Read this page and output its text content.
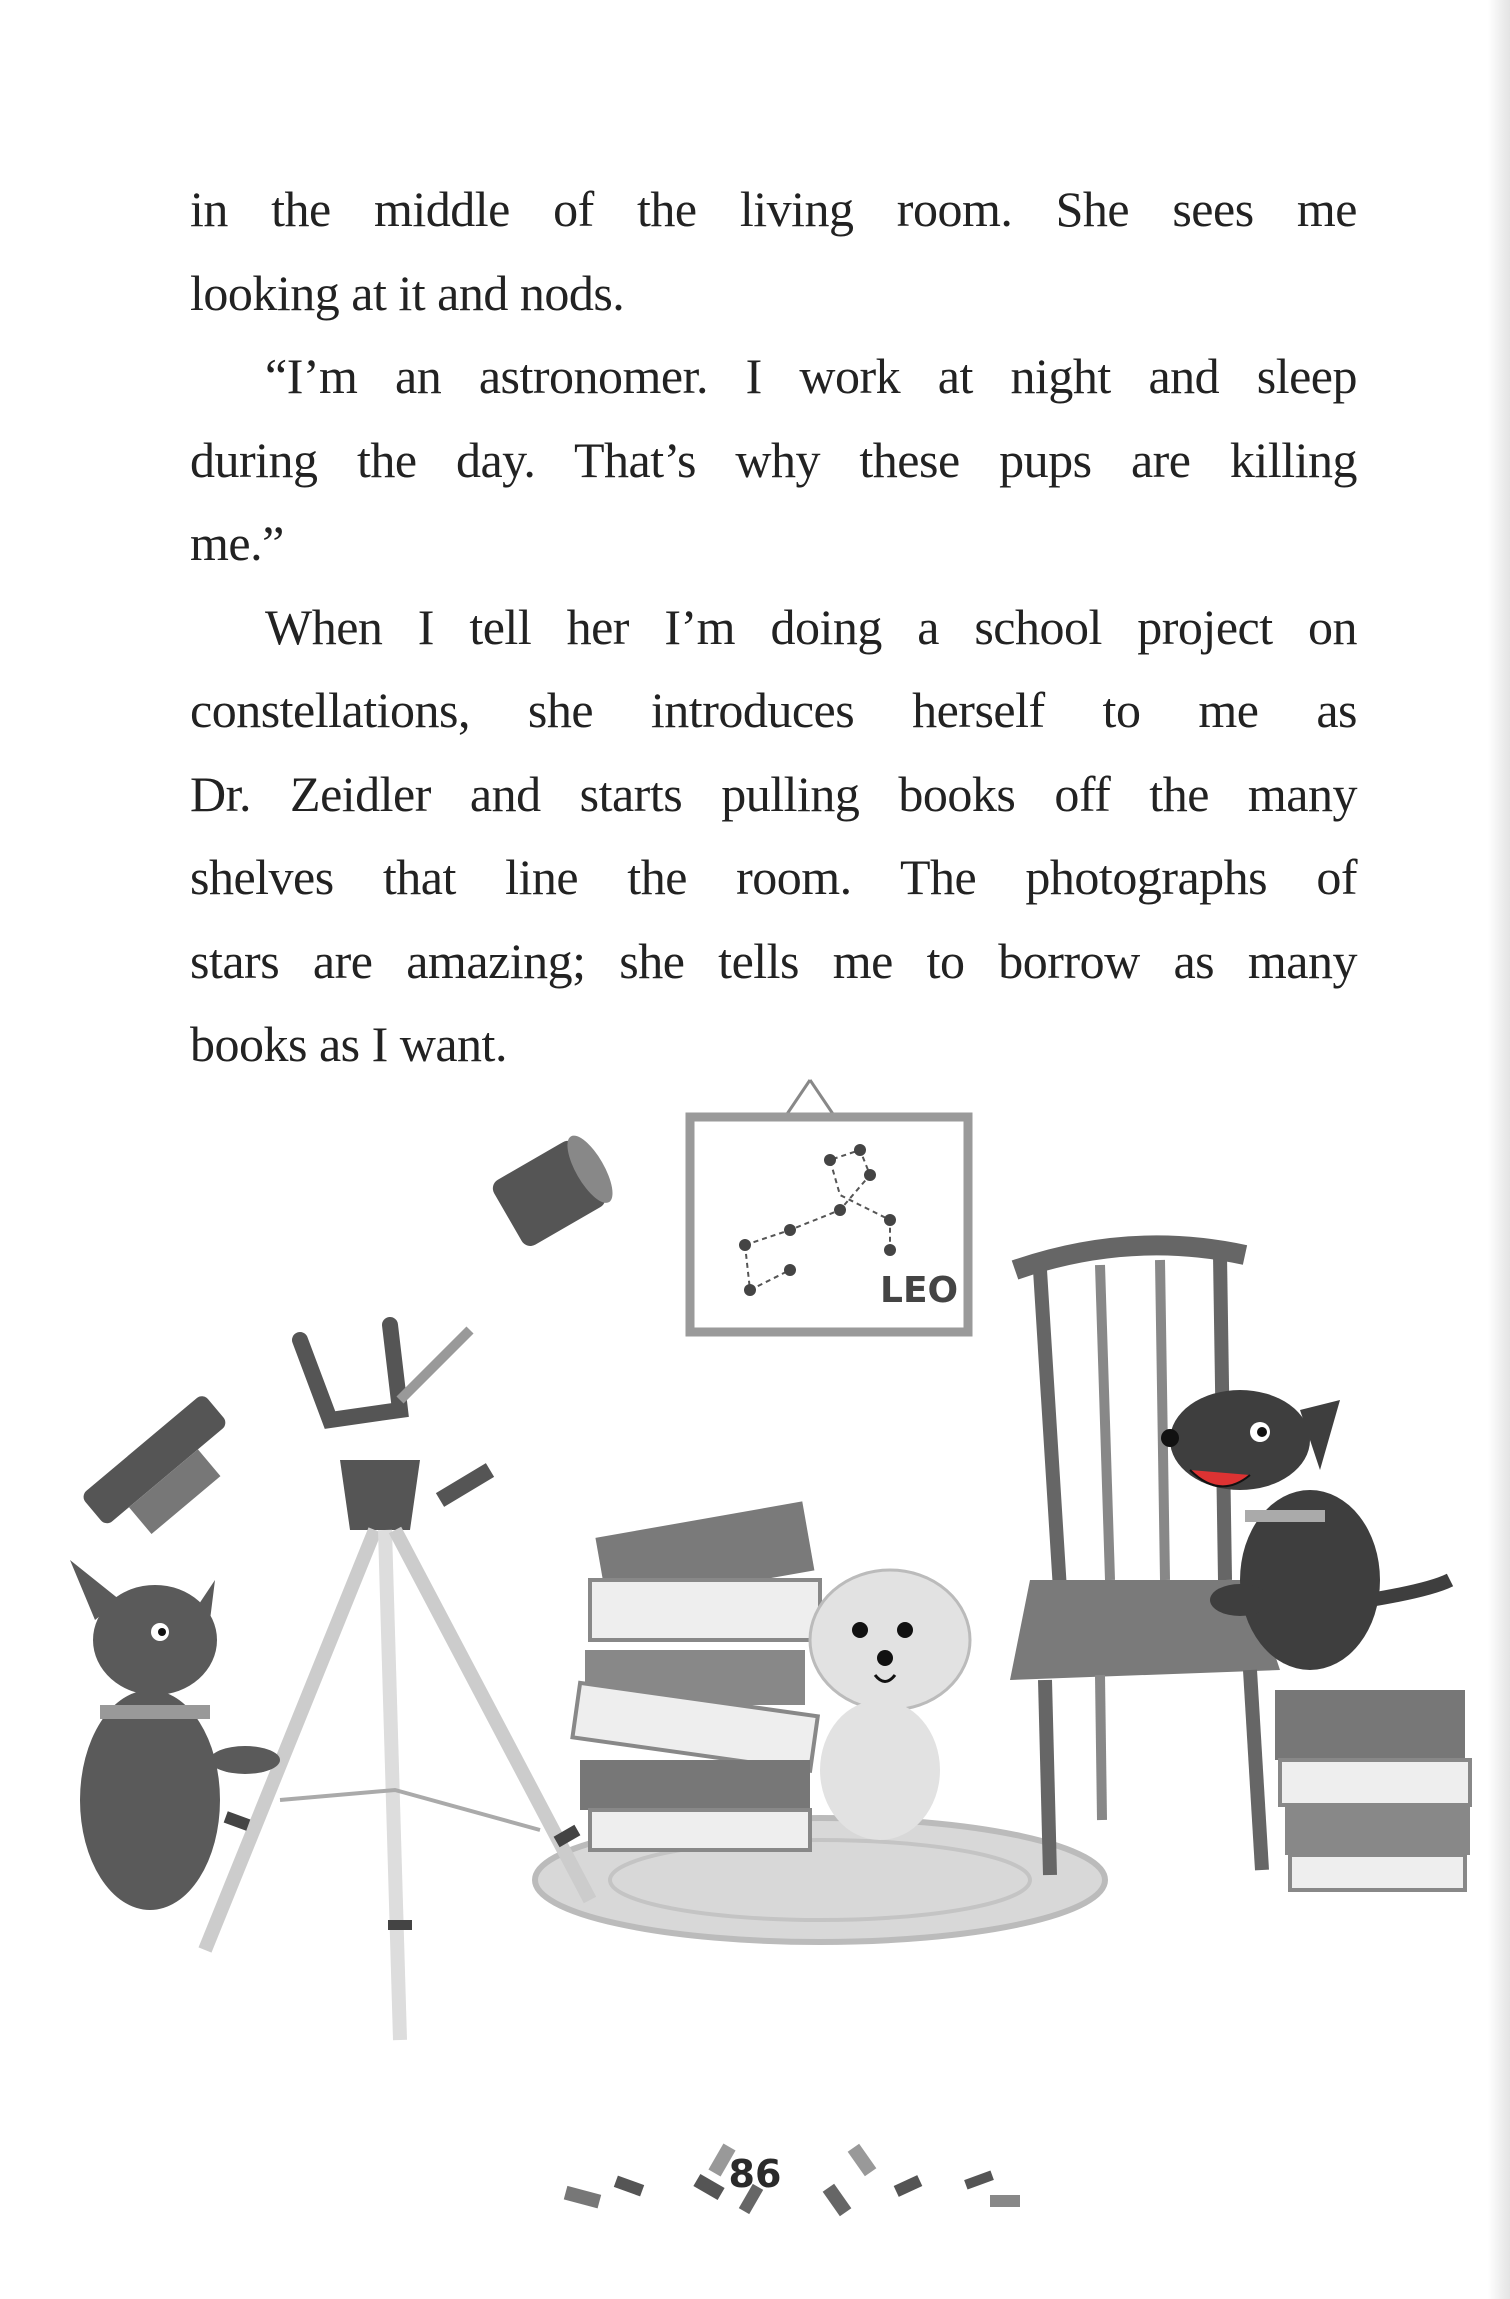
in the middle of the living room. She sees me
looking at it and nods.
“I’m an astronomer. I work at night and sleep
during the day. That’s why these pups are killing
me.”
When I tell her I’m doing a school project on
constellations, she introduces herself to me as
Dr. Zeidler and starts pulling books off the many
shelves that line the room. The photographs of
stars are amazing; she tells me to borrow as many
books as I want.
LEO
86
